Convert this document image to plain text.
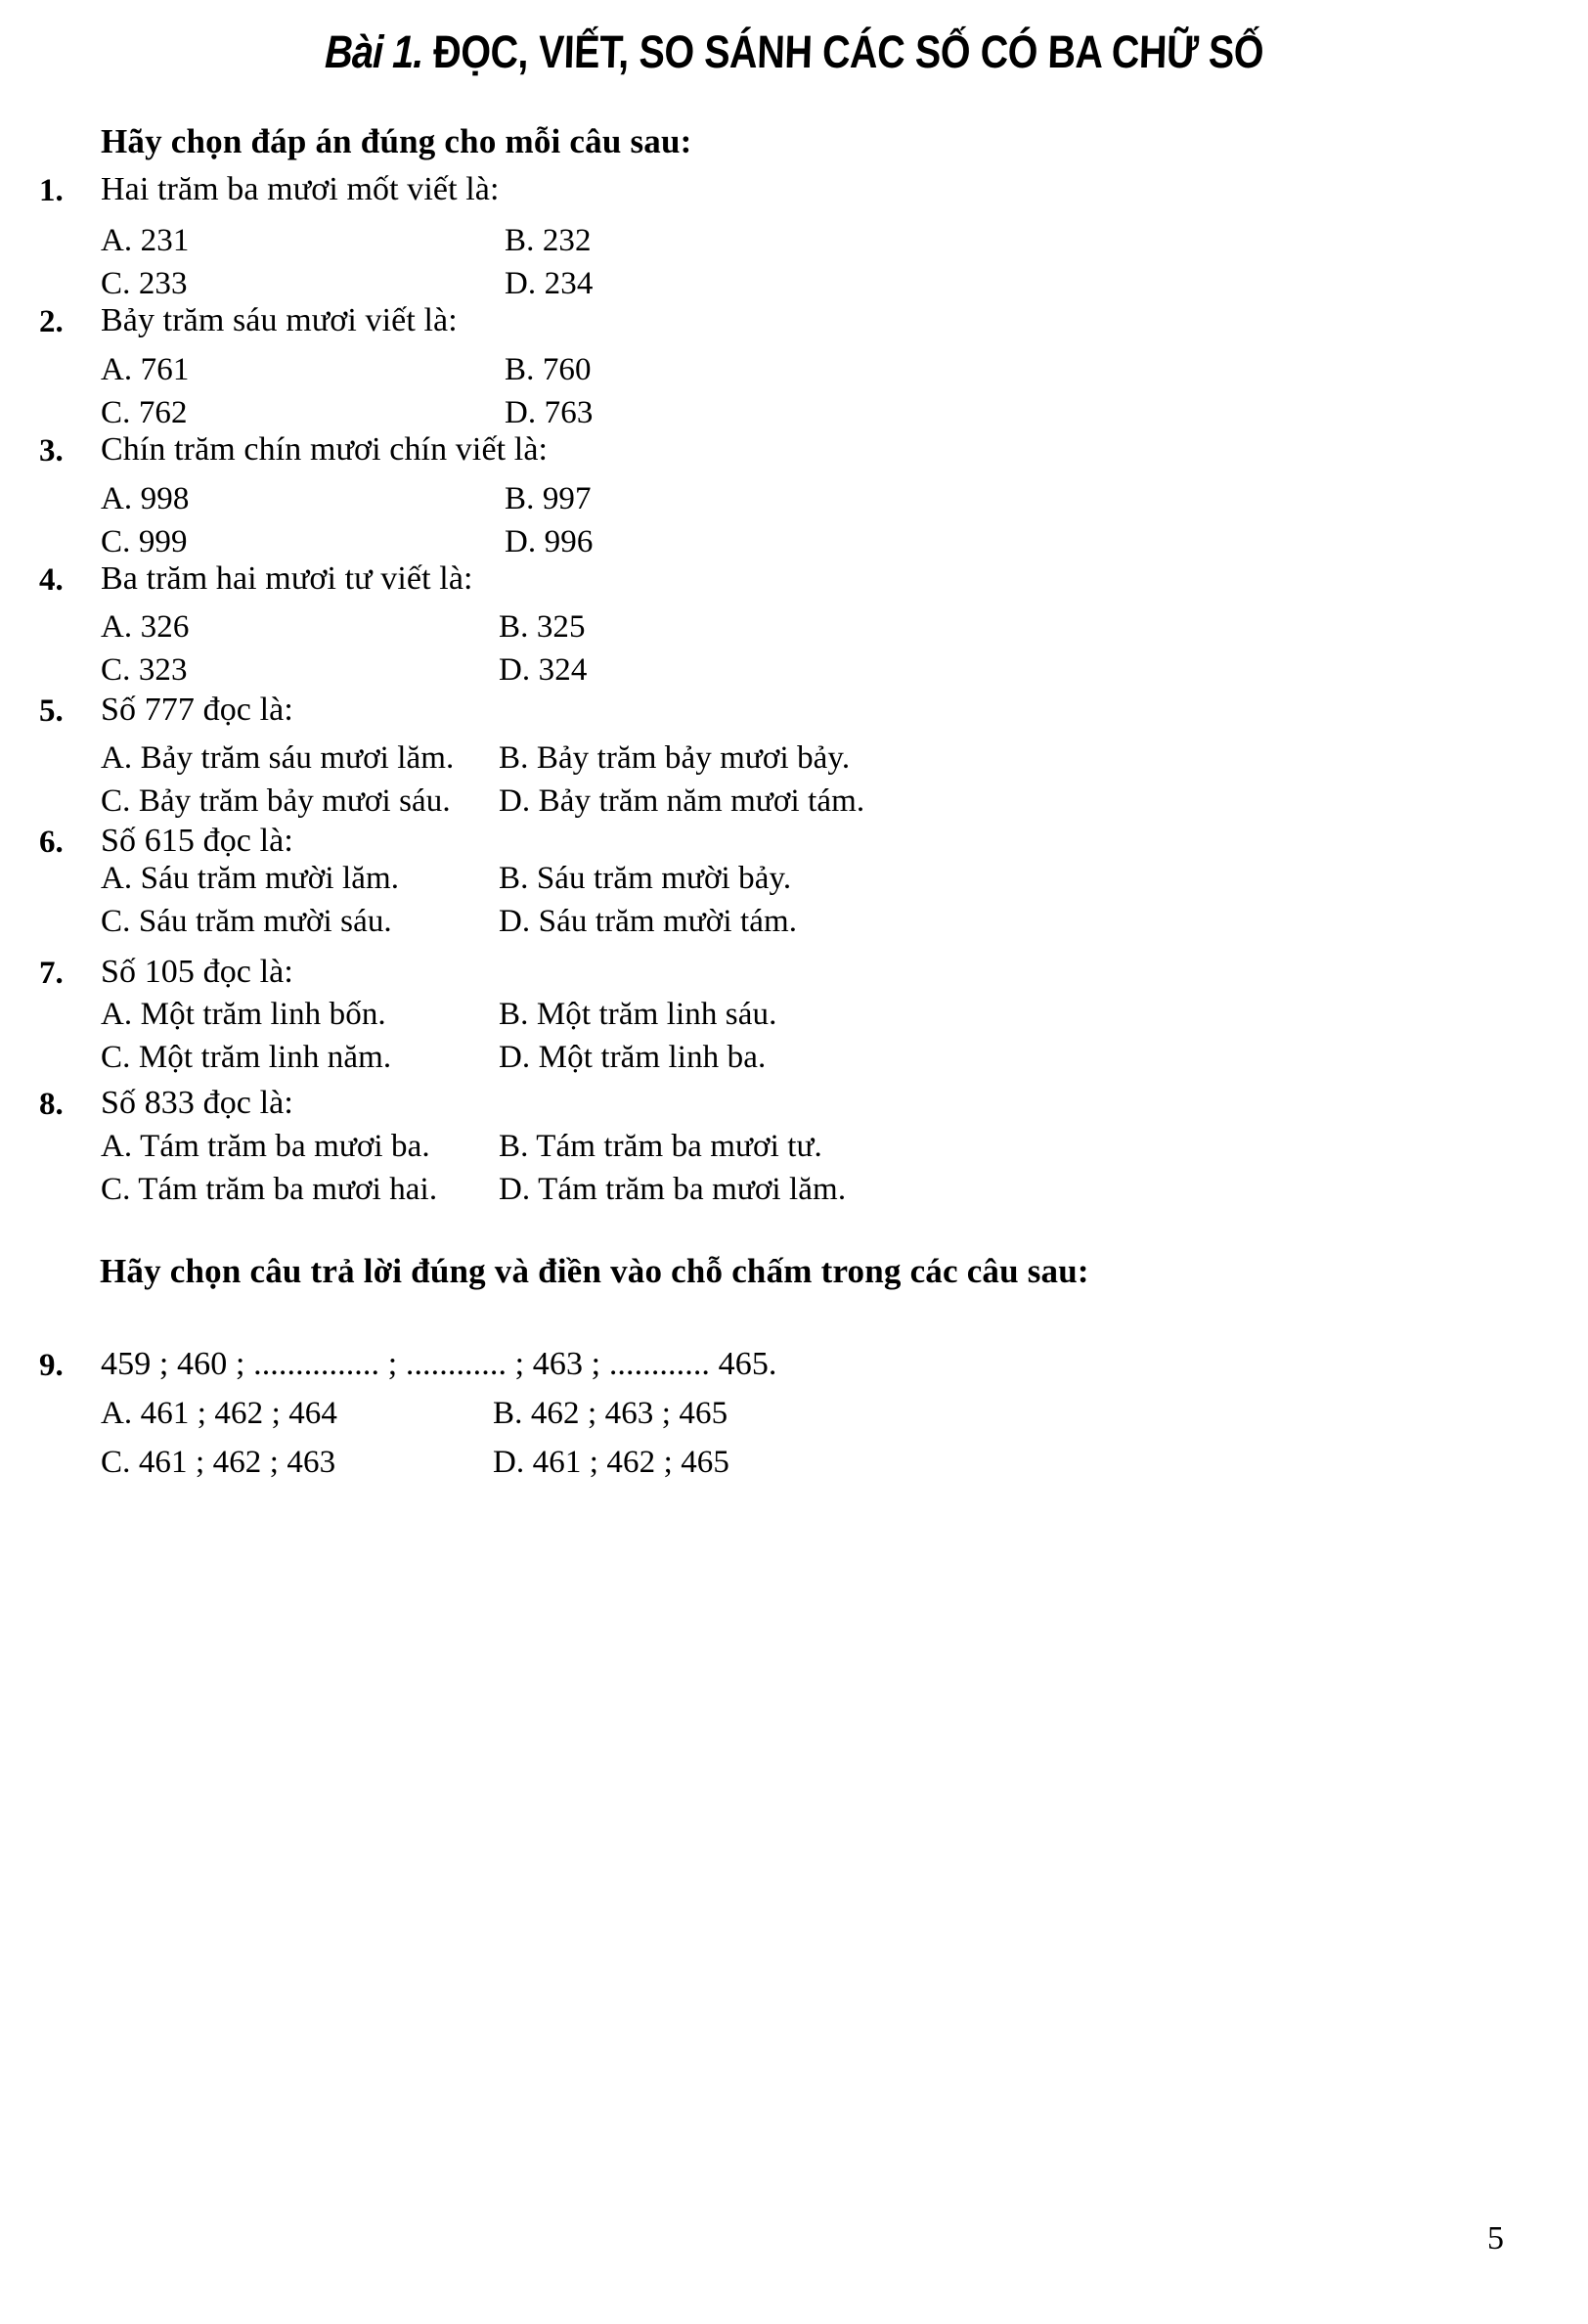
Bài 1. ĐỌC, VIẾT, SO SÁNH CÁC SỐ CÓ BA CHỮ SỐ
Hãy chọn đáp án đúng cho mỗi câu sau:
1. Hai trăm ba mươi mốt viết là:
A. 231	B. 232
C. 233	D. 234
2. Bảy trăm sáu mươi viết là:
A. 761	B. 760
C. 762	D. 763
3. Chín trăm chín mươi chín viết là:
A. 998	B. 997
C. 999	D. 996
4. Ba trăm hai mươi tư viết là:
A. 326	B. 325
C. 323	D. 324
5. Số 777 đọc là:
A. Bảy trăm sáu mươi lăm. B. Bảy trăm bảy mươi bảy.
C. Bảy trăm bảy mươi sáu. D. Bảy trăm năm mươi tám.
6. Số 615 đọc là:
A. Sáu trăm mười lăm.	B. Sáu trăm mười bảy.
C. Sáu trăm mười sáu.	D. Sáu trăm mười tám.
7. Số 105 đọc là:
A. Một trăm linh bốn.	B. Một trăm linh sáu.
C. Một trăm linh năm.	D. Một trăm linh ba.
8. Số 833 đọc là:
A. Tám trăm ba mươi ba. B. Tám trăm ba mươi tư.
C. Tám trăm ba mươi hai. D. Tám trăm ba mươi lăm.
Hãy chọn câu trả lời đúng và điền vào chỗ chấm trong các câu sau:
9. 459 ; 460 ; ............... ; ............ ; 463 ; ............ 465.
A. 461 ; 462 ; 464	B. 462 ; 463 ; 465
C. 461 ; 462 ; 463	D. 461 ; 462 ; 465
5
